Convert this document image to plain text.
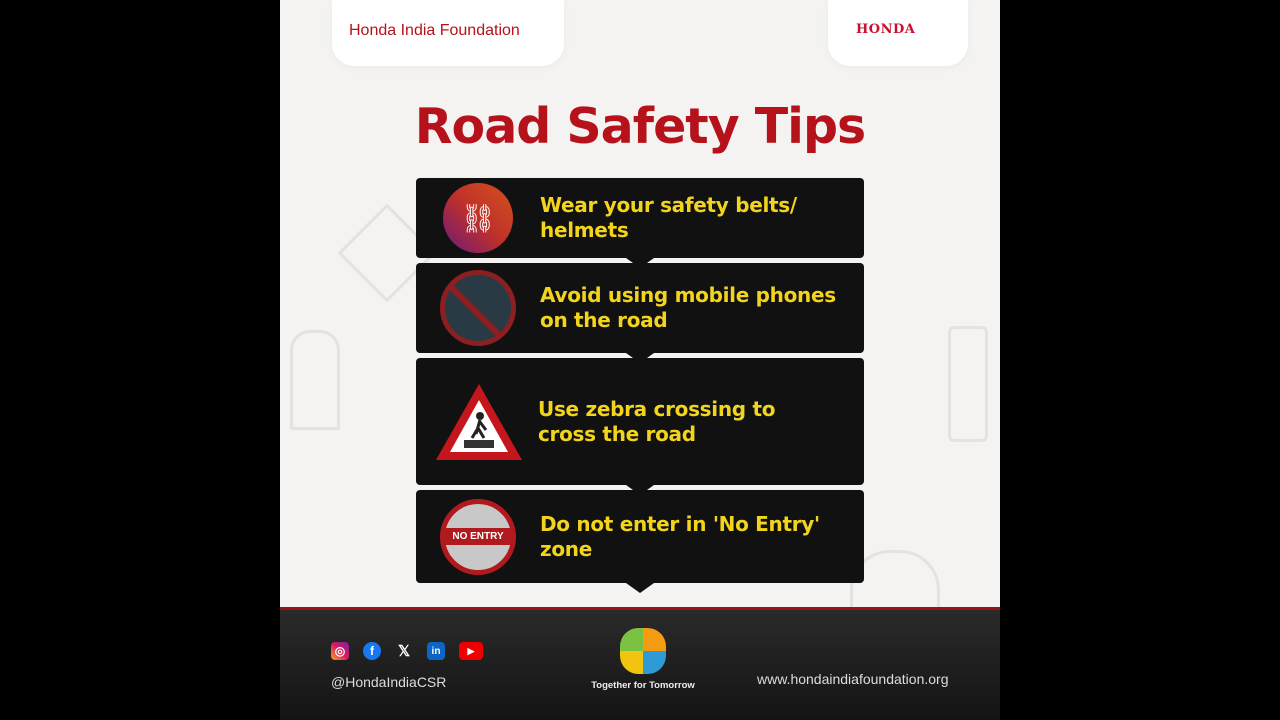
Honda India Foundation	HONDA
Road Safety Tips
⛓	Wear your safety belts/
helmets
Avoid using mobile phones
on the road
Use zebra crossing to
cross the road
NO ENTRY
Do not enter in 'No Entry'
zone
◎	f	𝕏	in	▶
@HondaIndiaCSR	Together for Tomorrow	www.hondaindiafoundation.org
